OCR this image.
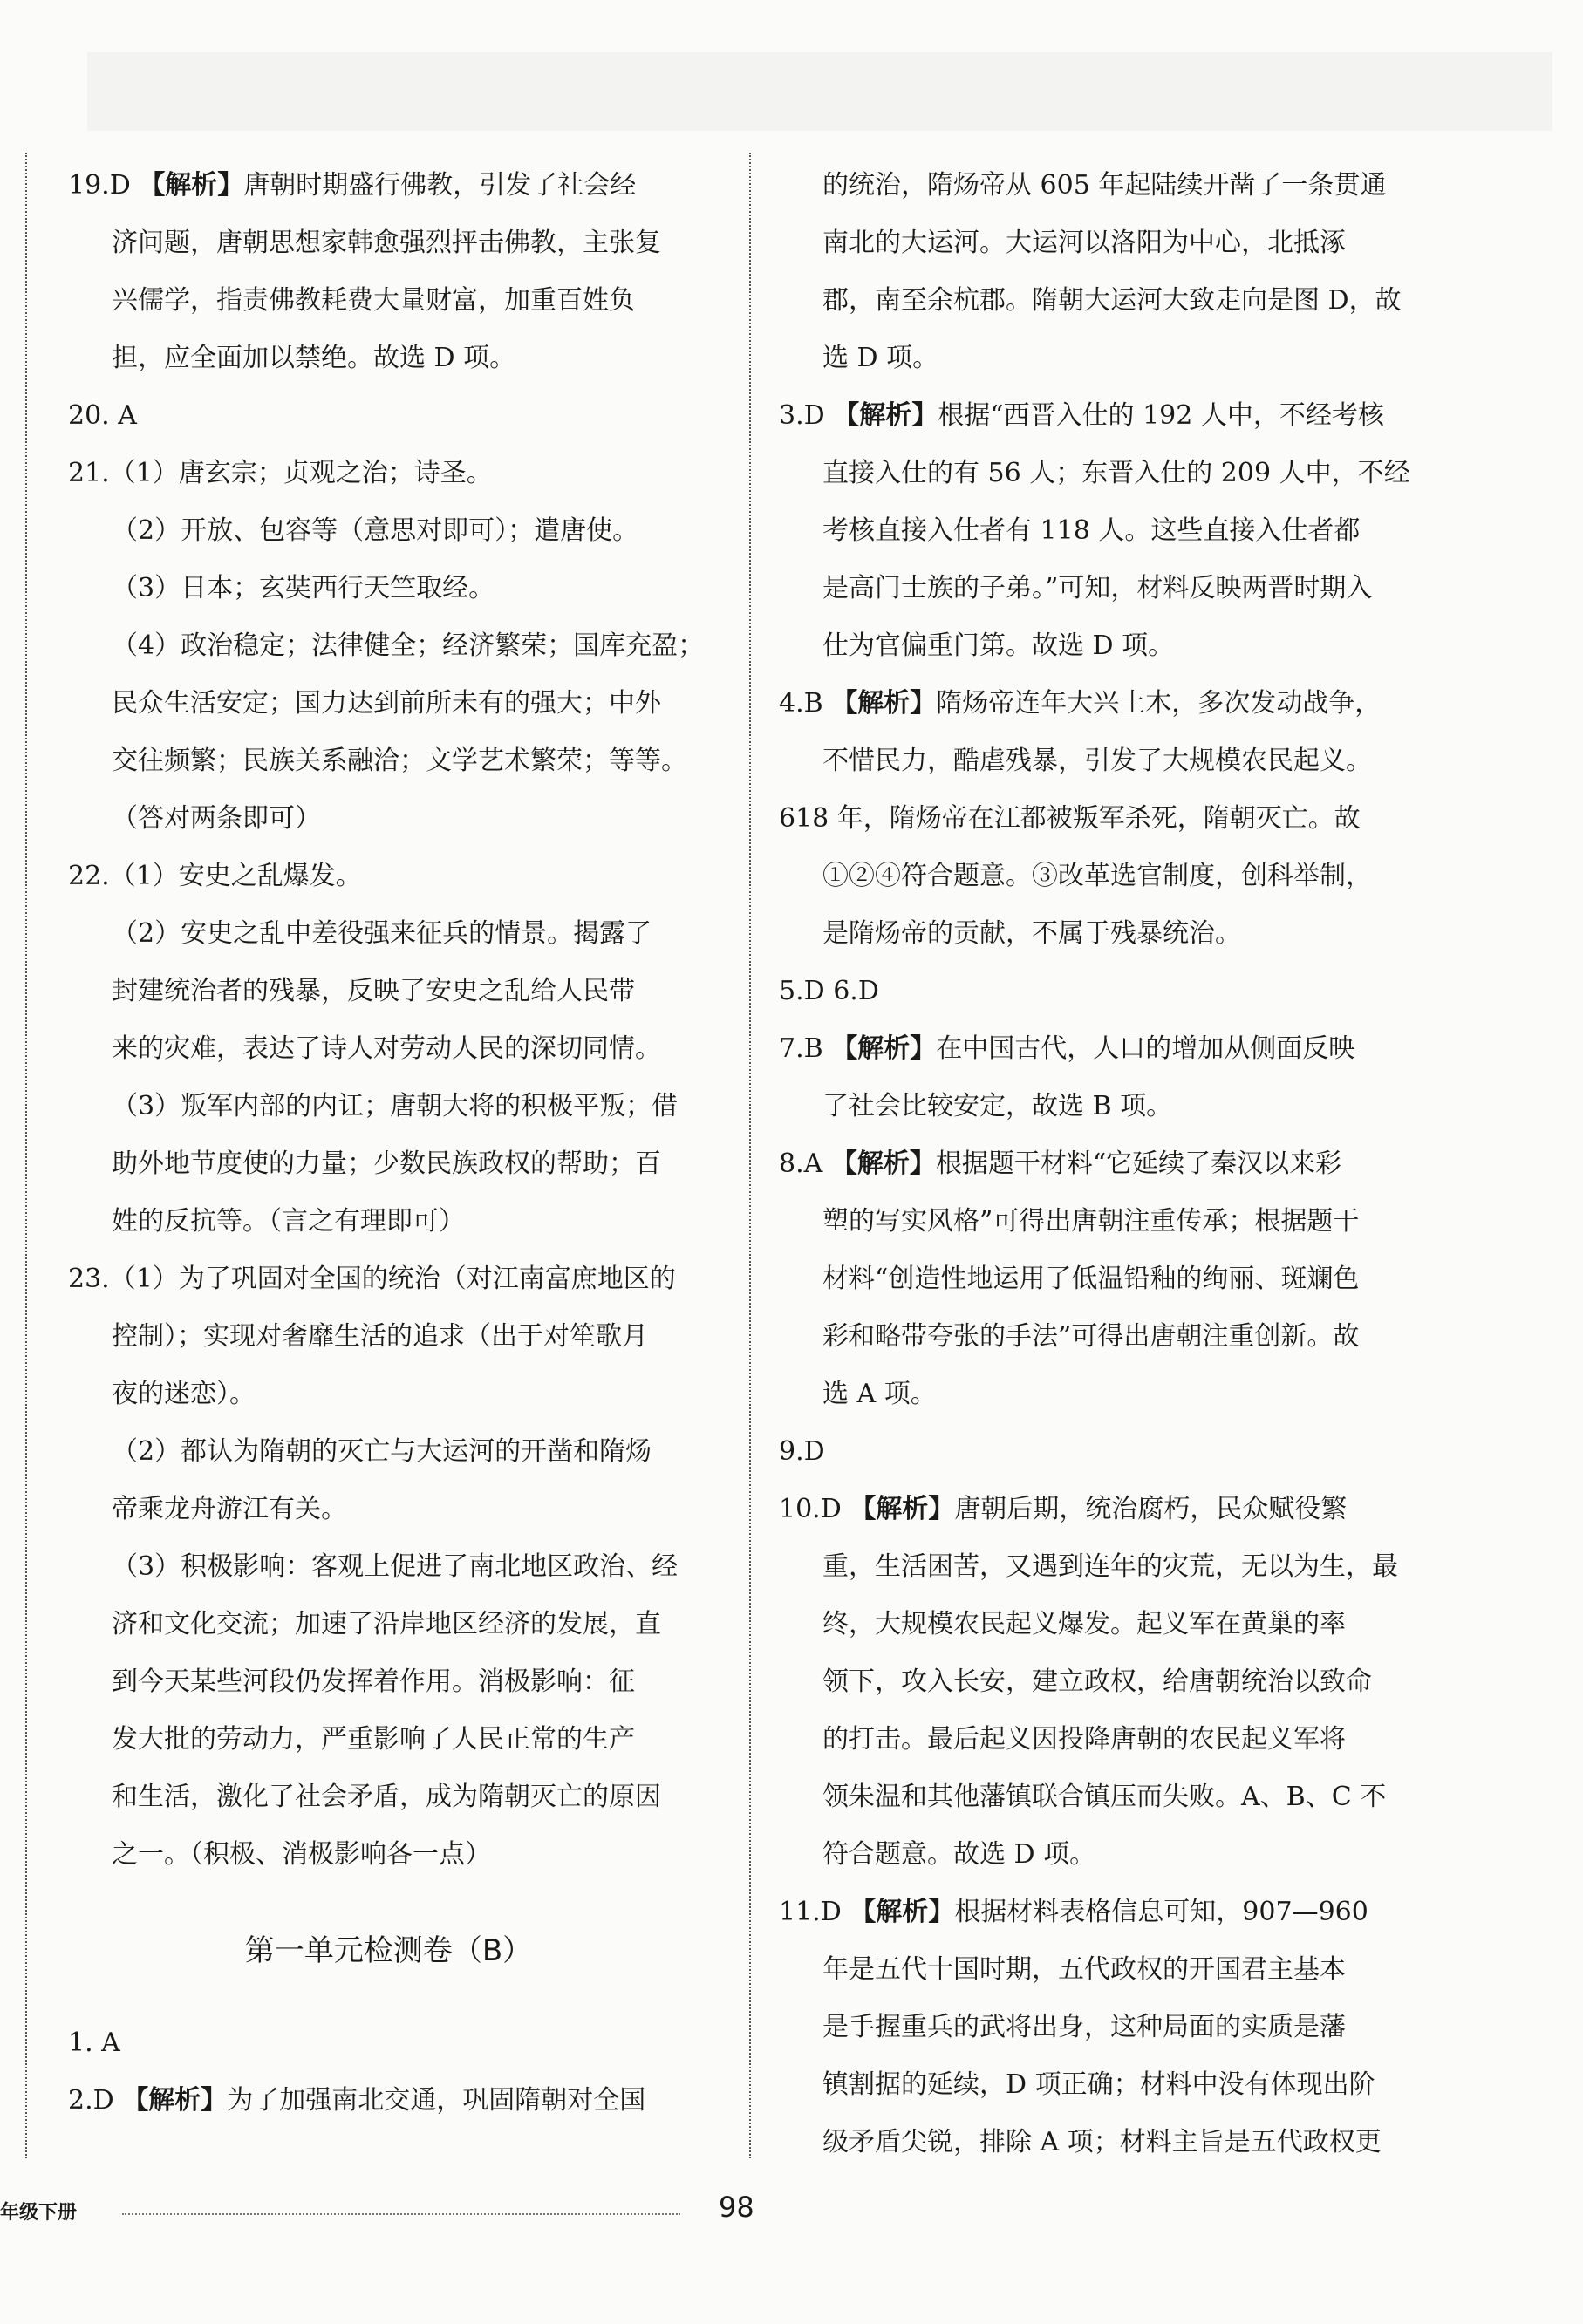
19.D 【解析】唐朝时期盛行佛教，引发了社会经
济问题，唐朝思想家韩愈强烈抨击佛教，主张复
兴儒学，指责佛教耗费大量财富，加重百姓负
担，应全面加以禁绝。故选 D 项。
20. A
21.（1）唐玄宗；贞观之治；诗圣。
（2）开放、包容等（意思对即可）；遣唐使。
（3）日本；玄奘西行天竺取经。
（4）政治稳定；法律健全；经济繁荣；国库充盈；
民众生活安定；国力达到前所未有的强大；中外
交往频繁；民族关系融洽；文学艺术繁荣；等等。
（答对两条即可）
22.（1）安史之乱爆发。
（2）安史之乱中差役强来征兵的情景。揭露了
封建统治者的残暴，反映了安史之乱给人民带
来的灾难，表达了诗人对劳动人民的深切同情。
（3）叛军内部的内讧；唐朝大将的积极平叛；借
助外地节度使的力量；少数民族政权的帮助；百
姓的反抗等。（言之有理即可）
23.（1）为了巩固对全国的统治（对江南富庶地区的
控制）；实现对奢靡生活的追求（出于对笙歌月
夜的迷恋）。
（2）都认为隋朝的灭亡与大运河的开凿和隋炀
帝乘龙舟游江有关。
（3）积极影响：客观上促进了南北地区政治、经
济和文化交流；加速了沿岸地区经济的发展，直
到今天某些河段仍发挥着作用。消极影响：征
发大批的劳动力，严重影响了人民正常的生产
和生活，激化了社会矛盾，成为隋朝灭亡的原因
之一。（积极、消极影响各一点）
第一单元检测卷（B）
1. A
2.D 【解析】为了加强南北交通，巩固隋朝对全国
的统治，隋炀帝从 605 年起陆续开凿了一条贯通
南北的大运河。大运河以洛阳为中心，北抵涿
郡，南至余杭郡。隋朝大运河大致走向是图 D，故
选 D 项。
3.D 【解析】根据“西晋入仕的 192 人中，不经考核
直接入仕的有 56 人；东晋入仕的 209 人中，不经
考核直接入仕者有 118 人。这些直接入仕者都
是高门士族的子弟。”可知，材料反映两晋时期入
仕为官偏重门第。故选 D 项。
4.B 【解析】隋炀帝连年大兴土木，多次发动战争，
不惜民力，酷虐残暴，引发了大规模农民起义。
618 年，隋炀帝在江都被叛军杀死，隋朝灭亡。故
①②④符合题意。③改革选官制度，创科举制，
是隋炀帝的贡献，不属于残暴统治。
5.D 6.D
7.B 【解析】在中国古代，人口的增加从侧面反映
了社会比较安定，故选 B 项。
8.A 【解析】根据题干材料“它延续了秦汉以来彩
塑的写实风格”可得出唐朝注重传承；根据题干
材料“创造性地运用了低温铅釉的绚丽、斑斓色
彩和略带夸张的手法”可得出唐朝注重创新。故
选 A 项。
9.D
10.D 【解析】唐朝后期，统治腐朽，民众赋役繁
重，生活困苦，又遇到连年的灾荒，无以为生，最
终，大规模农民起义爆发。起义军在黄巢的率
领下，攻入长安，建立政权，给唐朝统治以致命
的打击。最后起义因投降唐朝的农民起义军将
领朱温和其他藩镇联合镇压而失败。A、B、C 不
符合题意。故选 D 项。
11.D 【解析】根据材料表格信息可知，907—960
年是五代十国时期，五代政权的开国君主基本
是手握重兵的武将出身，这种局面的实质是藩
镇割据的延续，D 项正确；材料中没有体现出阶
级矛盾尖锐，排除 A 项；材料主旨是五代政权更
年级下册	98
